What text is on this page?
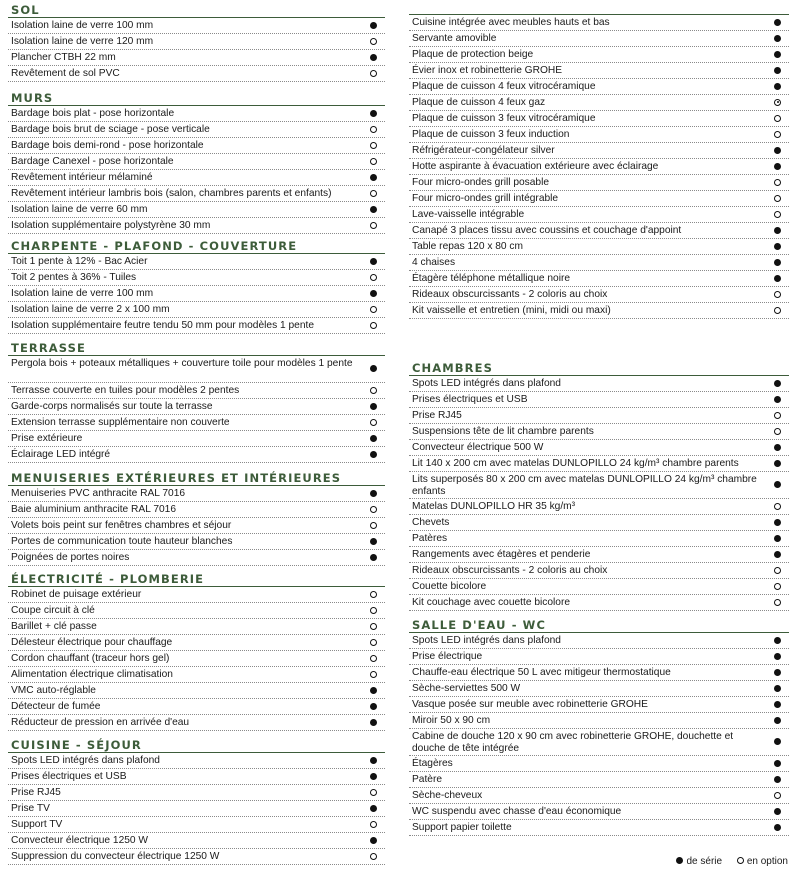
SOL
Isolation laine de verre 100 mm
Isolation laine de verre 120 mm
Plancher CTBH 22 mm
Revêtement de sol PVC
MURS
Bardage bois plat - pose horizontale
Bardage bois brut de sciage - pose verticale
Bardage bois demi-rond - pose horizontale
Bardage Canexel - pose horizontale
Revêtement intérieur mélaminé
Revêtement intérieur lambris bois (salon, chambres parents et enfants)
Isolation laine de verre 60 mm
Isolation supplémentaire polystyrène 30 mm
CHARPENTE - PLAFOND - COUVERTURE
Toit 1 pente à 12% - Bac Acier
Toit 2 pentes à 36% - Tuiles
Isolation laine de verre 100 mm
Isolation laine de verre 2 x 100 mm
Isolation supplémentaire feutre tendu 50 mm pour modèles 1 pente
TERRASSE
Pergola bois + poteaux métalliques + couverture toile pour modèles 1 pente
Terrasse couverte en tuiles pour modèles 2 pentes
Garde-corps normalisés sur toute la terrasse
Extension terrasse supplémentaire non couverte
Prise extérieure
Éclairage LED intégré
MENUISERIES EXTÉRIEURES ET INTÉRIEURES
Menuiseries PVC anthracite RAL 7016
Baie aluminium anthracite RAL 7016
Volets bois peint sur fenêtres chambres et séjour
Portes de communication toute hauteur blanches
Poignées de portes noires
ÉLECTRICITÉ - PLOMBERIE
Robinet de puisage extérieur
Coupe circuit à clé
Barillet + clé passe
Délesteur électrique pour chauffage
Cordon chauffant (traceur hors gel)
Alimentation électrique climatisation
VMC auto-réglable
Détecteur de fumée
Réducteur de pression en arrivée d'eau
CUISINE - SÉJOUR
Spots LED intégrés dans plafond
Prises électriques et USB
Prise RJ45
Prise TV
Support TV
Convecteur électrique 1250 W
Suppression du convecteur électrique 1250 W
Cuisine intégrée avec meubles hauts et bas
Servante amovible
Plaque de protection beige
Évier inox et robinetterie GROHE
Plaque de cuisson 4 feux vitrocéramique
Plaque de cuisson 4 feux gaz
Plaque de cuisson 3 feux vitrocéramique
Plaque de cuisson 3 feux induction
Réfrigérateur-congélateur silver
Hotte aspirante à évacuation extérieure avec éclairage
Four micro-ondes grill posable
Four micro-ondes grill intégrable
Lave-vaisselle intégrable
Canapé 3 places tissu avec coussins et couchage d'appoint
Table repas 120 x 80 cm
4 chaises
Étagère téléphone métallique noire
Rideaux obscurcissants - 2 coloris au choix
Kit vaisselle et entretien (mini, midi ou maxi)
CHAMBRES
Spots LED intégrés dans plafond
Prises électriques et USB
Prise RJ45
Suspensions tête de lit chambre parents
Convecteur électrique 500 W
Lit 140 x 200 cm avec matelas DUNLOPILLO 24 kg/m³ chambre parents
Lits superposés 80 x 200 cm avec matelas DUNLOPILLO 24 kg/m³ chambre enfants
Matelas DUNLOPILLO HR 35 kg/m³
Chevets
Patères
Rangements avec étagères et penderie
Rideaux obscurcissants - 2 coloris au choix
Couette bicolore
Kit couchage avec couette bicolore
SALLE D'EAU - WC
Spots LED intégrés dans plafond
Prise électrique
Chauffe-eau électrique 50 L avec mitigeur thermostatique
Sèche-serviettes 500 W
Vasque posée sur meuble avec robinetterie GROHE
Miroir 50 x 90 cm
Cabine de douche 120 x 90 cm avec robinetterie GROHE, douchette et douche de tête intégrée
Étagères
Patère
Sèche-cheveux
WC suspendu avec chasse d'eau économique
Support papier toilette
de série en option
